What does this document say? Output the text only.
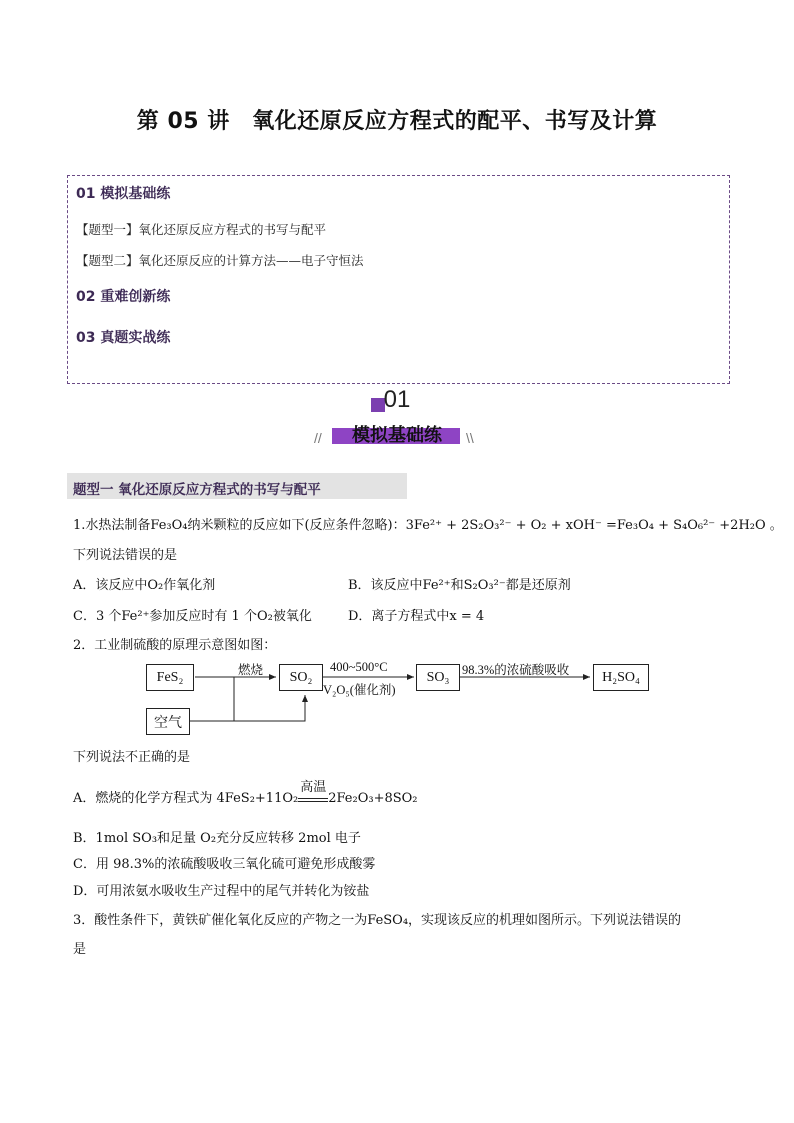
第 05 讲　氧化还原反应方程式的配平、书写及计算
01 模拟基础练
【题型一】氧化还原反应方程式的书写与配平
【题型二】氧化还原反应的计算方法——电子守恒法
02 重难创新练
03 真题实战练
01
//	\\
模拟基础练
题型一 氧化还原反应方程式的书写与配平
1.水热法制备Fe₃O₄纳米颗粒的反应如下(反应条件忽略)：3Fe²⁺ + 2S₂O₃²⁻ + O₂ + xOH⁻ =Fe₃O₄ + S₄O₆²⁻ +2H₂O 。
下列说法错误的是
A．该反应中O₂作氧化剂	B．该反应中Fe²⁺和S₂O₃²⁻都是还原剂
C．3 个Fe²⁺参加反应时有 1 个O₂被氧化	D．离子方程式中x = 4
2．工业制硫酸的原理示意图如图：
FeS₂	SO₂	SO₃	H₂SO₄
空气
燃烧	400~500°C
V₂O₅(催化剂)
98.3%的浓硫酸吸收
下列说法不正确的是
A．燃烧的化学方程式为 4FeS₂+11O₂
高温
2Fe₂O₃+8SO₂
B．1mol SO₃和足量 O₂充分反应转移 2mol 电子
C．用 98.3%的浓硫酸吸收三氧化硫可避免形成酸雾
D．可用浓氨水吸收生产过程中的尾气并转化为铵盐
3．酸性条件下，黄铁矿催化氧化反应的产物之一为FeSO₄，实现该反应的机理如图所示。下列说法错误的
是
